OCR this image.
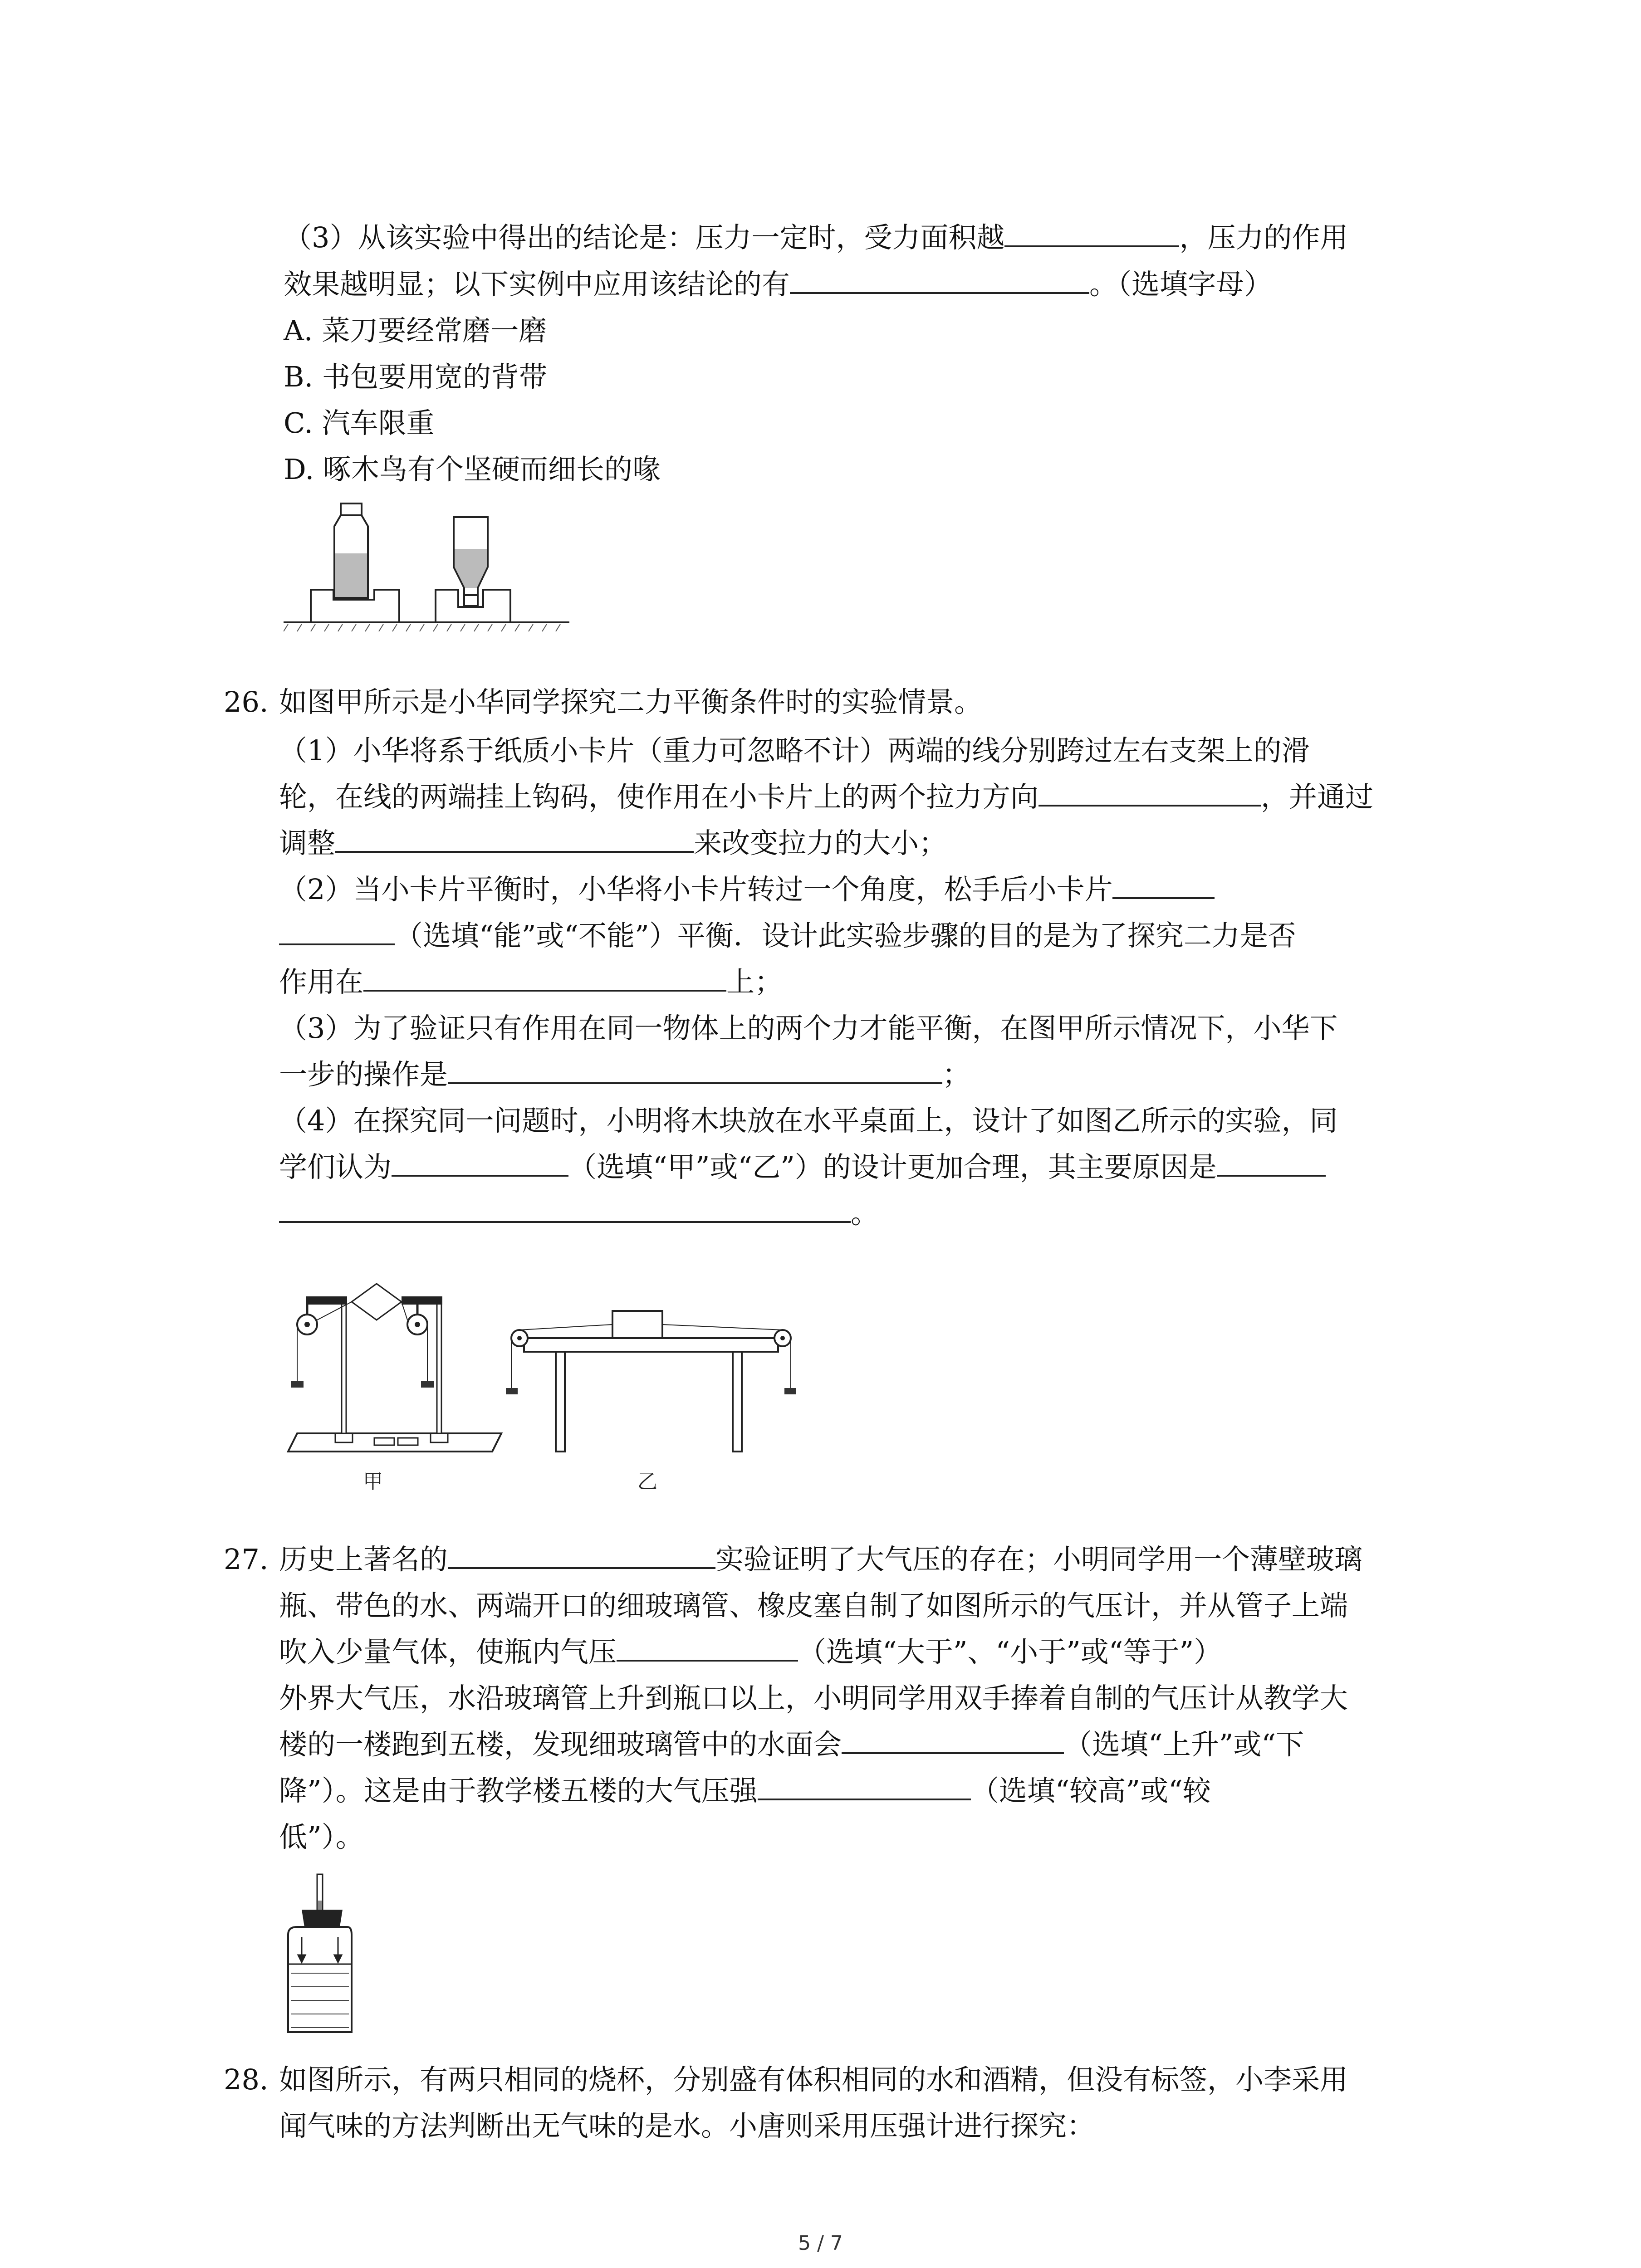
（3）从该实验中得出的结论是：压力一定时，受力面积越	，压力的作用
效果越明显；以下实例中应用该结论的有	。（选填字母）
A. 菜刀要经常磨一磨
B. 书包要用宽的背带
C. 汽车限重
D. 啄木鸟有个坚硬而细长的喙
26. 如图甲所示是小华同学探究二力平衡条件时的实验情景。
（1）小华将系于纸质小卡片（重力可忽略不计）两端的线分别跨过左右支架上的滑
轮，在线的两端挂上钩码，使作用在小卡片上的两个拉力方向	，并通过
调整	来改变拉力的大小；
（2）当小卡片平衡时，小华将小卡片转过一个角度，松手后小卡片
（选填“能”或“不能”）平衡．设计此实验步骤的目的是为了探究二力是否
作用在	上；
（3）为了验证只有作用在同一物体上的两个力才能平衡，在图甲所示情况下，小华下
一步的操作是	；
（4）在探究同一问题时，小明将木块放在水平桌面上，设计了如图乙所示的实验，同
学们认为	（选填“甲”或“乙”）的设计更加合理，其主要原因是
。
甲	乙
27. 历史上著名的	实验证明了大气压的存在；小明同学用一个薄壁玻璃
瓶、带色的水、两端开口的细玻璃管、橡皮塞自制了如图所示的气压计，并从管子上端
吹入少量气体，使瓶内气压	（选填“大于”、“小于”或“等于”）
外界大气压，水沿玻璃管上升到瓶口以上，小明同学用双手捧着自制的气压计从教学大
楼的一楼跑到五楼，发现细玻璃管中的水面会	（选填“上升”或“下
降”）。这是由于教学楼五楼的大气压强	（选填“较高”或“较
低”）。
28. 如图所示，有两只相同的烧杯，分别盛有体积相同的水和酒精，但没有标签，小李采用
闻气味的方法判断出无气味的是水。小唐则采用压强计进行探究：
5 / 7
